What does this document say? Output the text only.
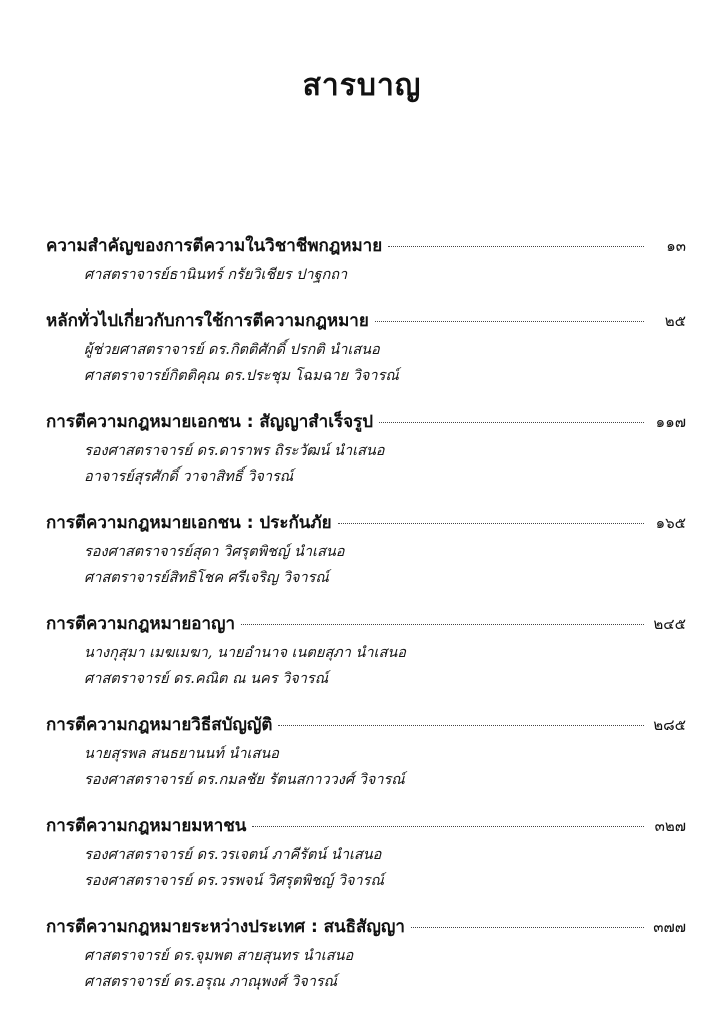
สารบาญ
ความสำคัญของการตีความในวิชาชีพกฎหมาย	๑๓
ศาสตราจารย์ธานินทร์ กรัยวิเชียร ปาฐกถา
หลักทั่วไปเกี่ยวกับการใช้การตีความกฎหมาย	๒๕
ผู้ช่วยศาสตราจารย์ ดร.กิตติศักดิ์ ปรกติ นำเสนอ
ศาสตราจารย์กิตติคุณ ดร.ประชุม โฉมฉาย วิจารณ์
การตีความกฎหมายเอกชน : สัญญาสำเร็จรูป	๑๑๗
รองศาสตราจารย์ ดร.ดาราพร ถิระวัฒน์ นำเสนอ
อาจารย์สุรศักดิ์ วาจาสิทธิ์ วิจารณ์
การตีความกฎหมายเอกชน : ประกันภัย	๑๖๕
รองศาสตราจารย์สุดา วิศรุตพิชญ์ นำเสนอ
ศาสตราจารย์สิทธิโชค ศรีเจริญ วิจารณ์
การตีความกฎหมายอาญา	๒๔๕
นางกุสุมา เมฆเมฆา, นายอำนาจ เนตยสุภา นำเสนอ
ศาสตราจารย์ ดร.คณิต ณ นคร วิจารณ์
การตีความกฎหมายวิธีสบัญญัติ	๒๘๕
นายสุรพล สนธยานนท์ นำเสนอ
รองศาสตราจารย์ ดร.กมลชัย รัตนสกาววงศ์ วิจารณ์
การตีความกฎหมายมหาชน	๓๒๗
รองศาสตราจารย์ ดร.วรเจตน์ ภาคีรัตน์ นำเสนอ
รองศาสตราจารย์ ดร.วรพจน์ วิศรุตพิชญ์ วิจารณ์
การตีความกฎหมายระหว่างประเทศ : สนธิสัญญา	๓๗๗
ศาสตราจารย์ ดร.จุมพต สายสุนทร นำเสนอ
ศาสตราจารย์ ดร.อรุณ ภาณุพงศ์ วิจารณ์
